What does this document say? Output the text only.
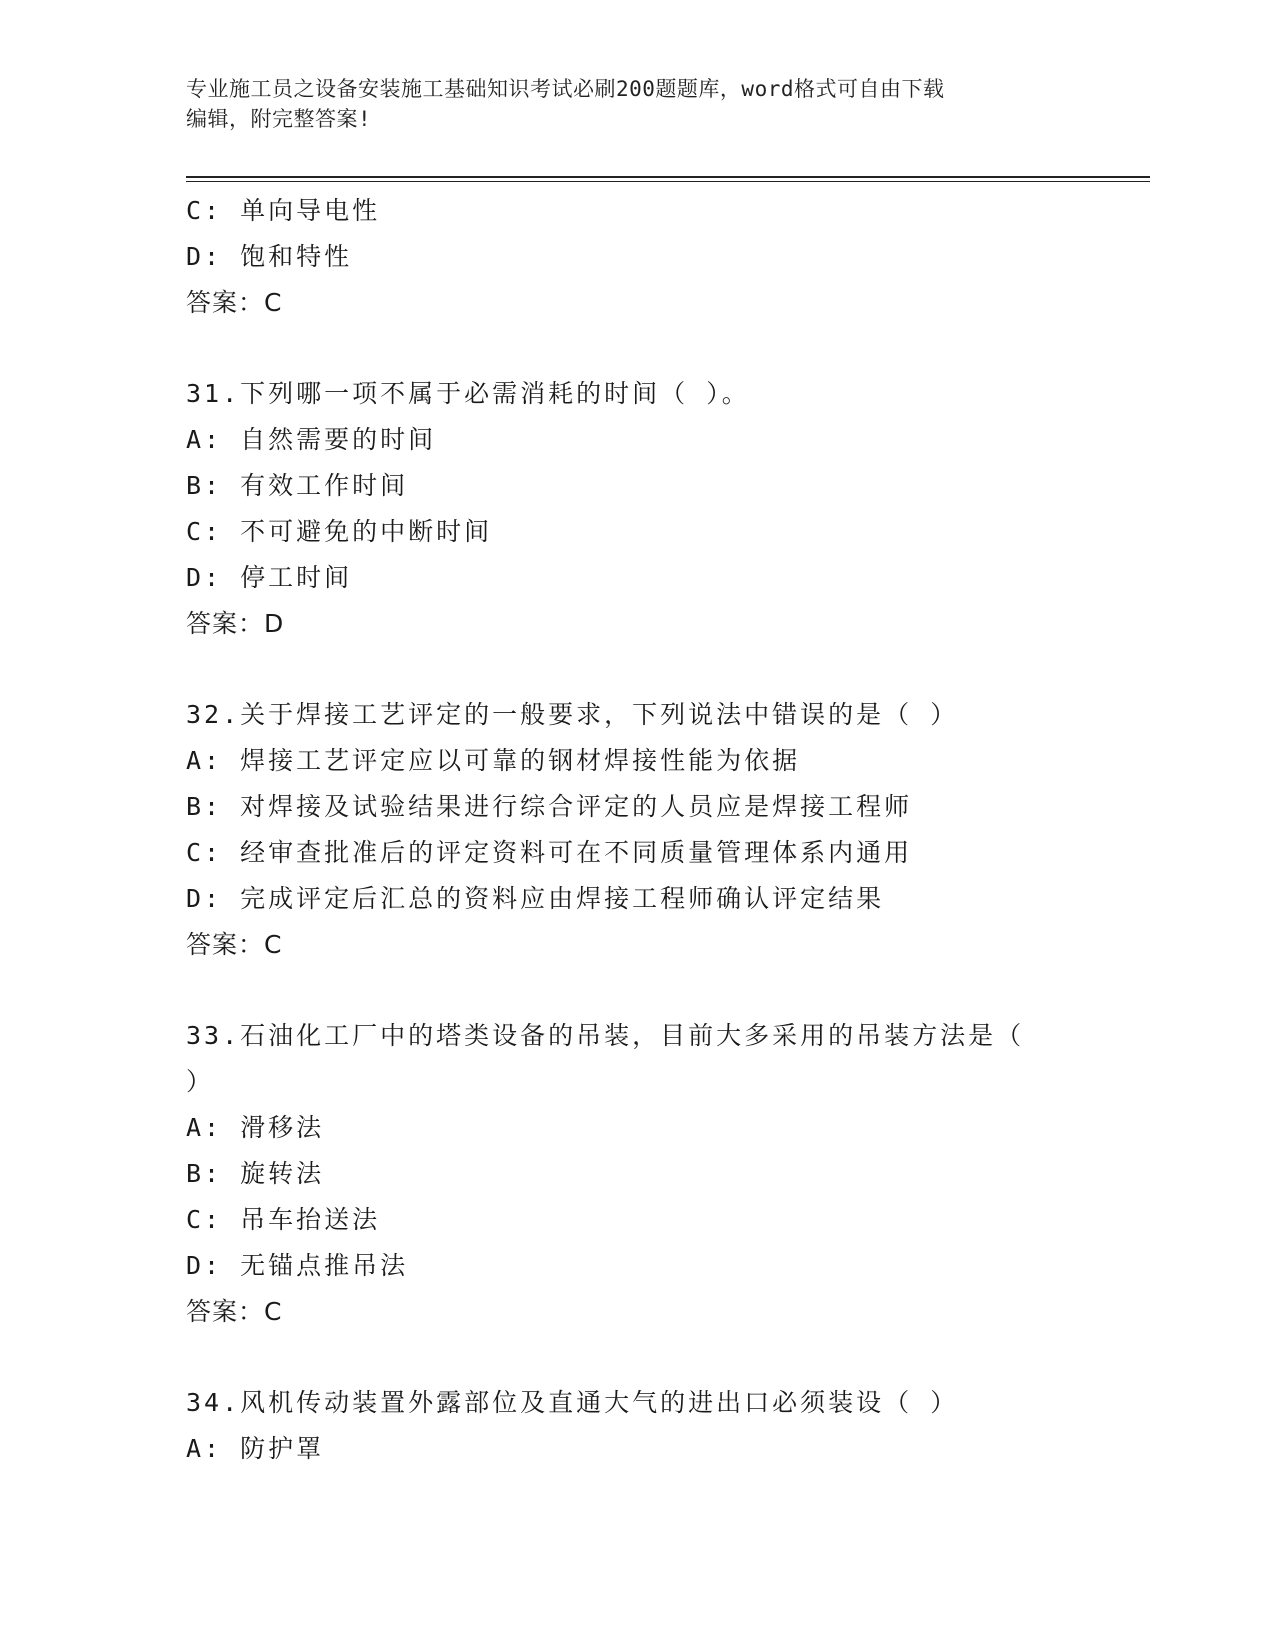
专业施工员之设备安装施工基础知识考试必刷200题题库，word格式可自由下载
编辑，附完整答案!
C: 单向导电性
D: 饱和特性
答案：C
31.下列哪一项不属于必需消耗的时间（ ）。
A: 自然需要的时间
B: 有效工作时间
C: 不可避免的中断时间
D: 停工时间
答案：D
32.关于焊接工艺评定的一般要求，下列说法中错误的是（ ）
A: 焊接工艺评定应以可靠的钢材焊接性能为依据
B: 对焊接及试验结果进行综合评定的人员应是焊接工程师
C: 经审查批准后的评定资料可在不同质量管理体系内通用
D: 完成评定后汇总的资料应由焊接工程师确认评定结果
答案：C
33.石油化工厂中的塔类设备的吊装，目前大多采用的吊装方法是（
）
A: 滑移法
B: 旋转法
C: 吊车抬送法
D: 无锚点推吊法
答案：C
34.风机传动装置外露部位及直通大气的进出口必须装设（ ）
A: 防护罩
